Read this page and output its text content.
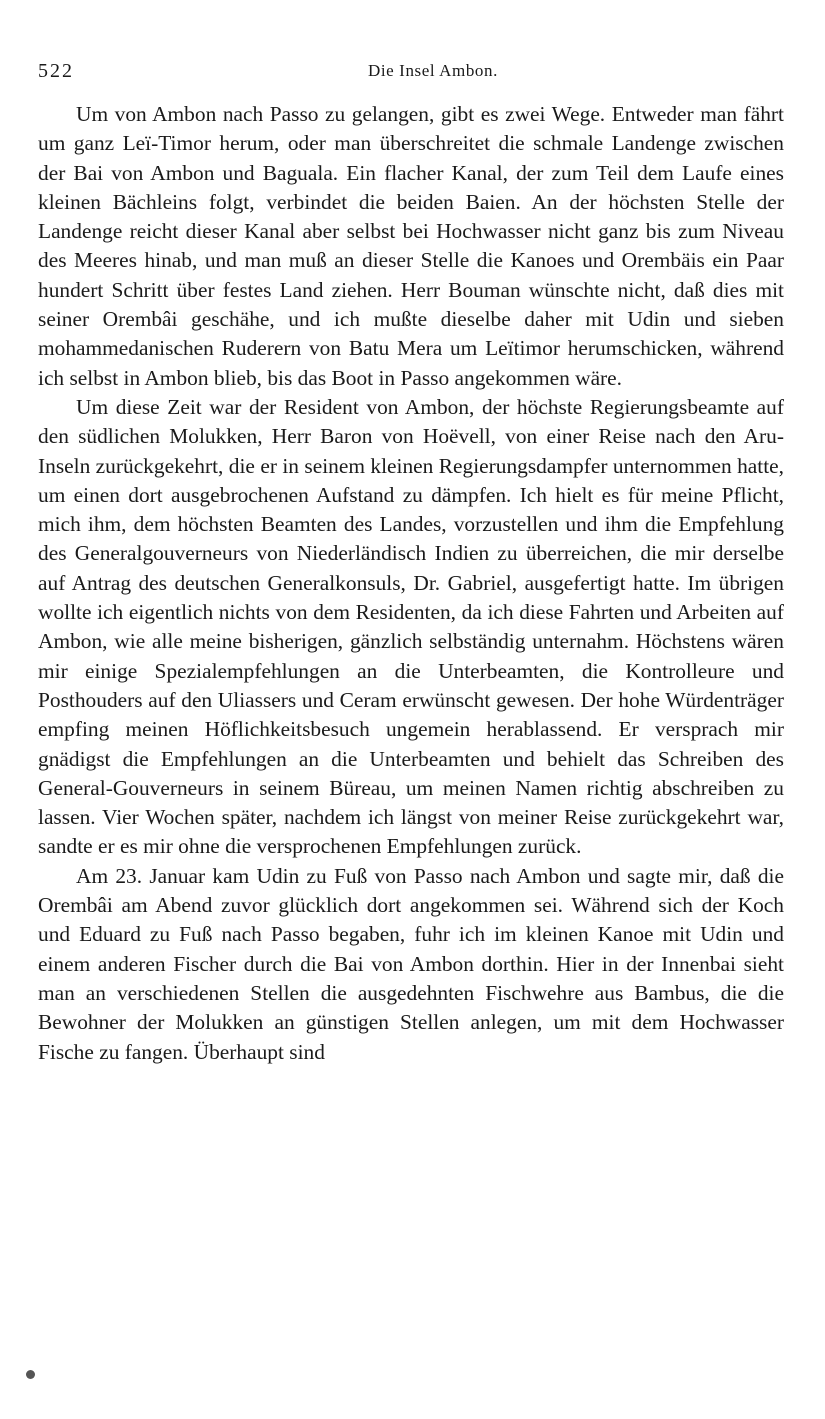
522	Die Insel Ambon.

Um von Ambon nach Passo zu gelangen, gibt es zwei Wege. Entweder man fährt um ganz Leï-Timor herum, oder man überschreitet die schmale Landenge zwischen der Bai von Ambon und Baguala. Ein flacher Kanal, der zum Teil dem Laufe eines kleinen Bächleins folgt, verbindet die beiden Baien. An der höchsten Stelle der Landenge reicht dieser Kanal aber selbst bei Hochwasser nicht ganz bis zum Niveau des Meeres hinab, und man muß an dieser Stelle die Kanoes und Orembäis ein Paar hundert Schritt über festes Land ziehen. Herr Bouman wünschte nicht, daß dies mit seiner Orembâi geschähe, und ich mußte dieselbe daher mit Udin und sieben mohammedanischen Ruderern von Batu Mera um Leïtimor herumschicken, während ich selbst in Ambon blieb, bis das Boot in Passo angekommen wäre.

Um diese Zeit war der Resident von Ambon, der höchste Regierungsbeamte auf den südlichen Molukken, Herr Baron von Hoëvell, von einer Reise nach den Aru-Inseln zurückgekehrt, die er in seinem kleinen Regierungsdampfer unternommen hatte, um einen dort ausgebrochenen Aufstand zu dämpfen. Ich hielt es für meine Pflicht, mich ihm, dem höchsten Beamten des Landes, vorzustellen und ihm die Empfehlung des Generalgouverneurs von Niederländisch Indien zu überreichen, die mir derselbe auf Antrag des deutschen Generalkonsuls, Dr. Gabriel, ausgefertigt hatte. Im übrigen wollte ich eigentlich nichts von dem Residenten, da ich diese Fahrten und Arbeiten auf Ambon, wie alle meine bisherigen, gänzlich selbständig unternahm. Höchstens wären mir einige Spezialempfehlungen an die Unterbeamten, die Kontrolleure und Posthouders auf den Uliassers und Ceram erwünscht gewesen. Der hohe Würdenträger empfing meinen Höflichkeitsbesuch ungemein herablassend. Er versprach mir gnädigst die Empfehlungen an die Unterbeamten und behielt das Schreiben des General-Gouverneurs in seinem Büreau, um meinen Namen richtig abschreiben zu lassen. Vier Wochen später, nachdem ich längst von meiner Reise zurückgekehrt war, sandte er es mir ohne die versprochenen Empfehlungen zurück.

Am 23. Januar kam Udin zu Fuß von Passo nach Ambon und sagte mir, daß die Orembâi am Abend zuvor glücklich dort angekommen sei. Während sich der Koch und Eduard zu Fuß nach Passo begaben, fuhr ich im kleinen Kanoe mit Udin und einem anderen Fischer durch die Bai von Ambon dorthin. Hier in der Innenbai sieht man an verschiedenen Stellen die ausgedehnten Fischwehre aus Bambus, die die Bewohner der Molukken an günstigen Stellen anlegen, um mit dem Hochwasser Fische zu fangen. Überhaupt sind
